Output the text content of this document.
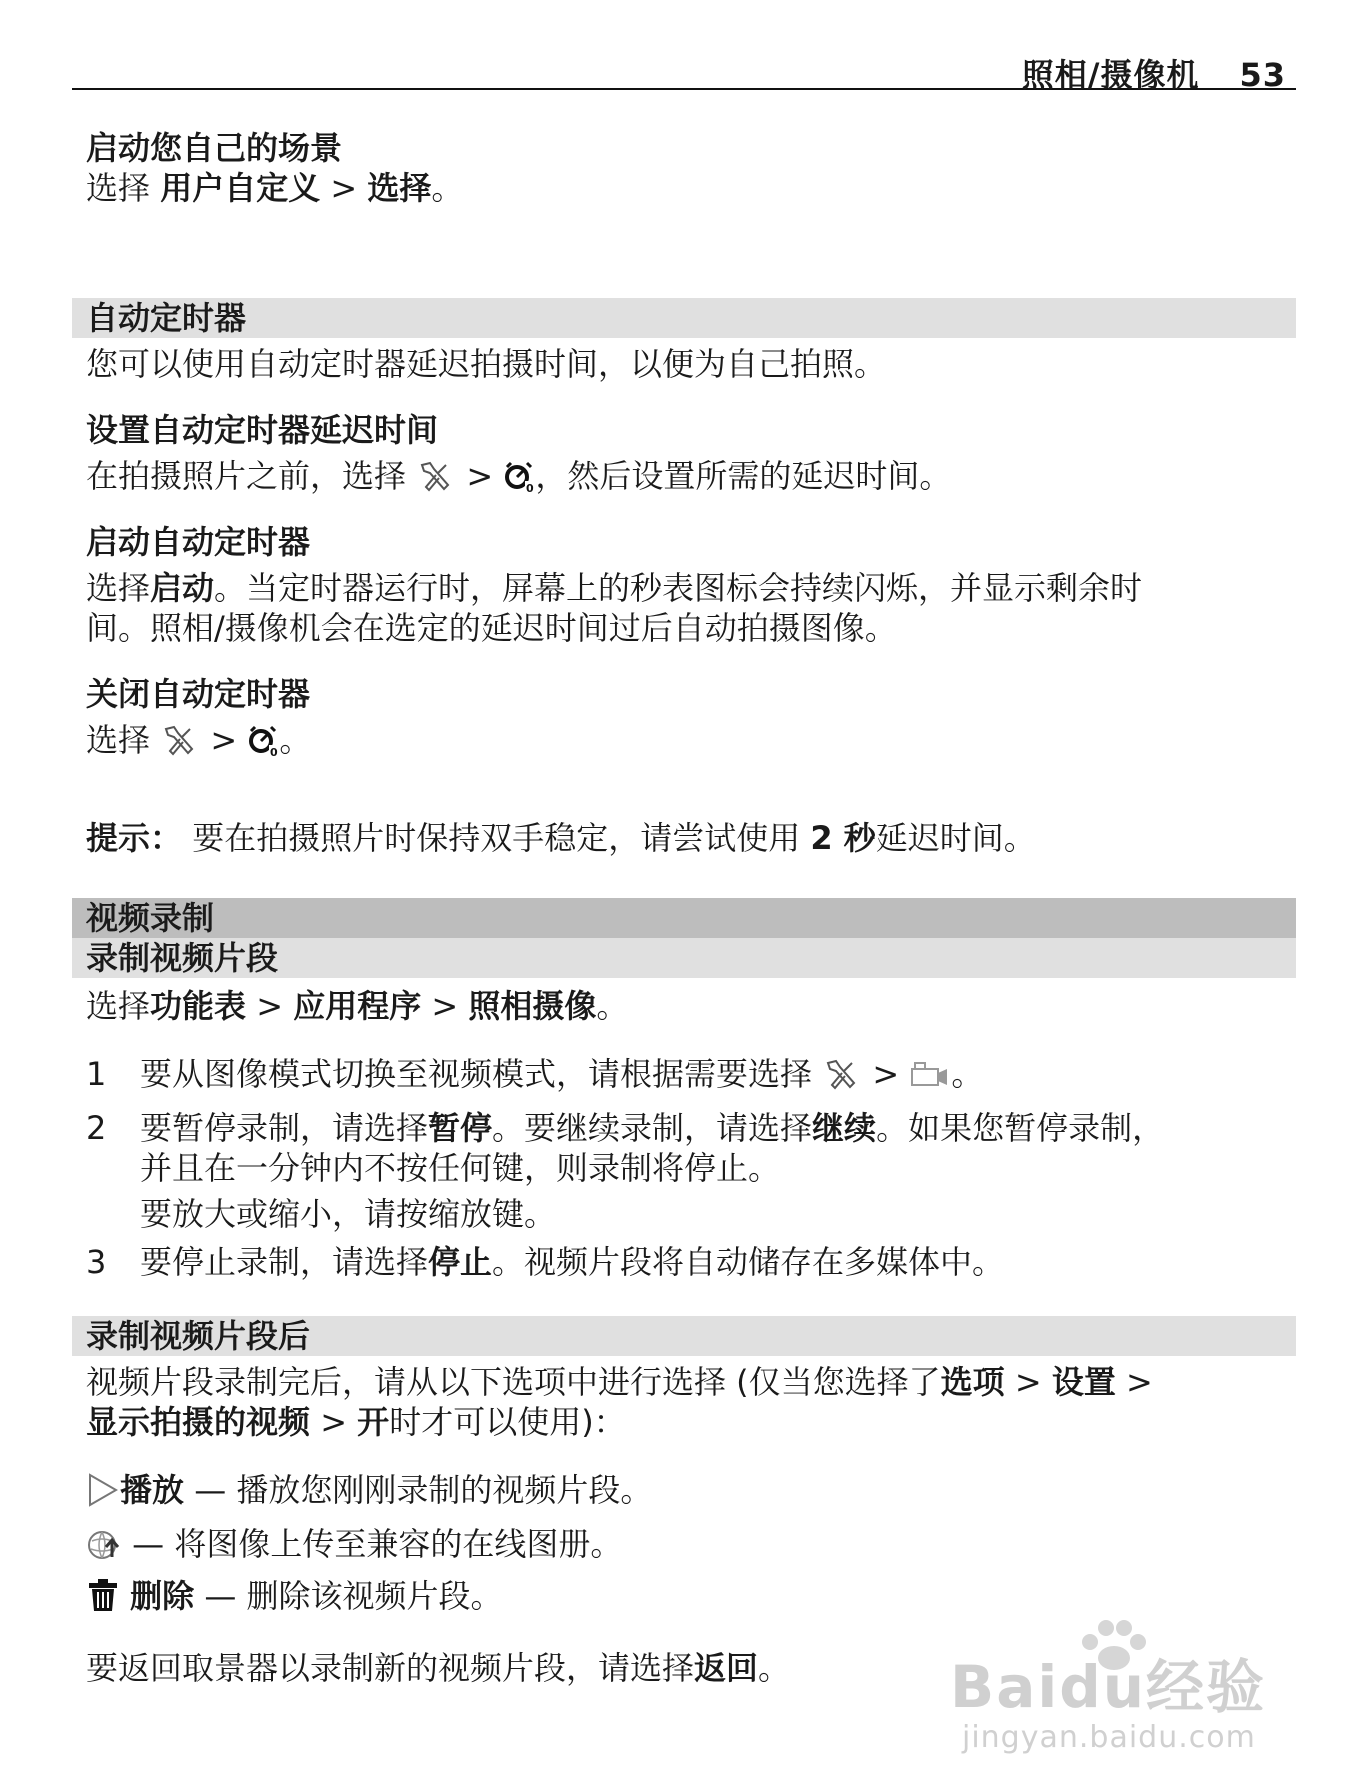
照相/摄像机 53
启动您自己的场景
选择 用户自定义 > 选择。
自动定时器
您可以使用自动定时器延迟拍摄时间，以便为自己拍照。
设置自动定时器延迟时间
在拍摄照片之前，选择  > 0 ，然后设置所需的延迟时间。
启动自动定时器
选择启动。当定时器运行时，屏幕上的秒表图标会持续闪烁，并显示剩余时
间。照相/摄像机会在选定的延迟时间过后自动拍摄图像。
关闭自动定时器
选择  > 0 。
提示： 要在拍摄照片时保持双手稳定，请尝试使用 2 秒延迟时间。
视频录制
录制视频片段
选择功能表 > 应用程序 > 照相摄像。
1	要从图像模式切换至视频模式，请根据需要选择  > 。
2	要暂停录制，请选择暂停。要继续录制，请选择继续。如果您暂停录制，
并且在一分钟内不按任何键，则录制将停止。
要放大或缩小，请按缩放键。
3	要停止录制，请选择停止。视频片段将自动储存在多媒体中。
录制视频片段后
视频片段录制完后，请从以下选项中进行选择 (仅当您选择了选项 > 设置 >
显示拍摄的视频 > 开时才可以使用)：
播放 — 播放您刚刚录制的视频片段。
— 将图像上传至兼容的在线图册。
删除 — 删除该视频片段。
要返回取景器以录制新的视频片段，请选择返回。	Baidu经验
jingyan.baidu.com
